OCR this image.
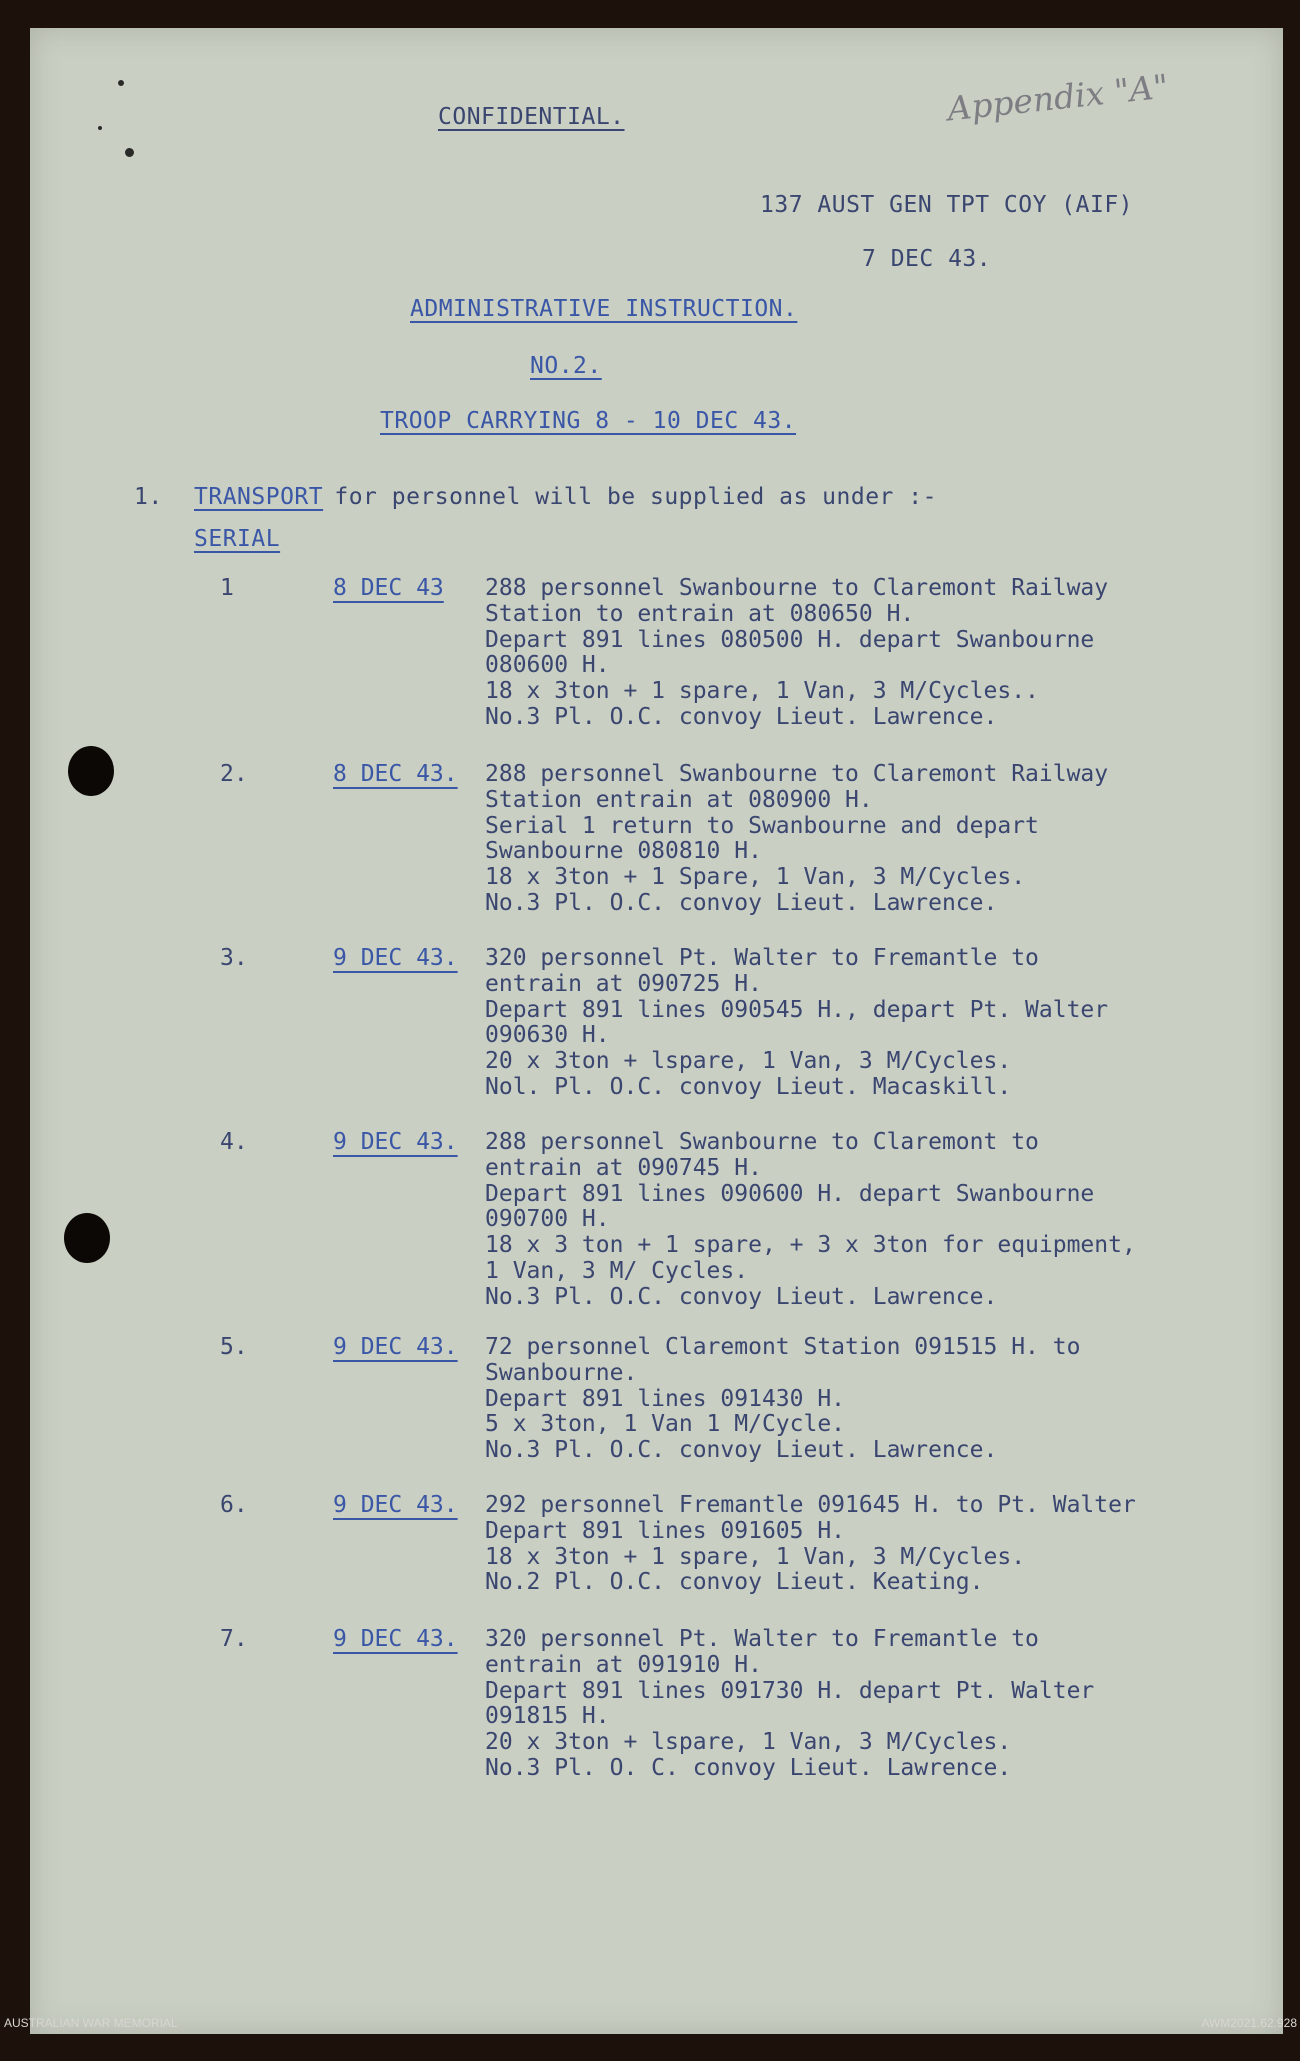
Appendix "A"
CONFIDENTIAL.
137 AUST GEN TPT COY (AIF)
7 DEC 43.
ADMINISTRATIVE INSTRUCTION.
NO.2.
TROOP CARRYING 8 - 10 DEC 43.
1. TRANSPORT
for personnel will be supplied as under :-
SERIAL
1	8 DEC 43 288 personnel Swanbourne to Claremont Railway
Station to entrain at 080650 H.
Depart 891 lines 080500 H. depart Swanbourne
080600 H.
18 x 3ton + 1 spare, 1 Van, 3 M/Cycles..
No.3 Pl. O.C. convoy Lieut. Lawrence.
2.	8 DEC 43. 288 personnel Swanbourne to Claremont Railway
Station entrain at 080900 H.
Serial 1 return to Swanbourne and depart
Swanbourne 080810 H.
18 x 3ton + 1 Spare, 1 Van, 3 M/Cycles.
No.3 Pl. O.C. convoy Lieut. Lawrence.
3.	9 DEC 43. 320 personnel Pt. Walter to Fremantle to
entrain at 090725 H.
Depart 891 lines 090545 H., depart Pt. Walter
090630 H.
20 x 3ton + lspare, 1 Van, 3 M/Cycles.
Nol. Pl. O.C. convoy Lieut. Macaskill.
4.	9 DEC 43. 288 personnel Swanbourne to Claremont to
entrain at 090745 H.
Depart 891 lines 090600 H. depart Swanbourne
090700 H.
18 x 3 ton + 1 spare, + 3 x 3ton for equipment,
1 Van, 3 M/ Cycles.
No.3 Pl. O.C. convoy Lieut. Lawrence.
5.	9 DEC 43. 72 personnel Claremont Station 091515 H. to
Swanbourne.
Depart 891 lines 091430 H.
5 x 3ton, 1 Van 1 M/Cycle.
No.3 Pl. O.C. convoy Lieut. Lawrence.
6.	9 DEC 43. 292 personnel Fremantle 091645 H. to Pt. Walter
Depart 891 lines 091605 H.
18 x 3ton + 1 spare, 1 Van, 3 M/Cycles.
No.2 Pl. O.C. convoy Lieut. Keating.
7.	9 DEC 43. 320 personnel Pt. Walter to Fremantle to
entrain at 091910 H.
Depart 891 lines 091730 H. depart Pt. Walter
091815 H.
20 x 3ton + lspare, 1 Van, 3 M/Cycles.
No.3 Pl. O. C. convoy Lieut. Lawrence.
AUSTRALIAN WAR MEMORIAL	AWM2021.62.928
